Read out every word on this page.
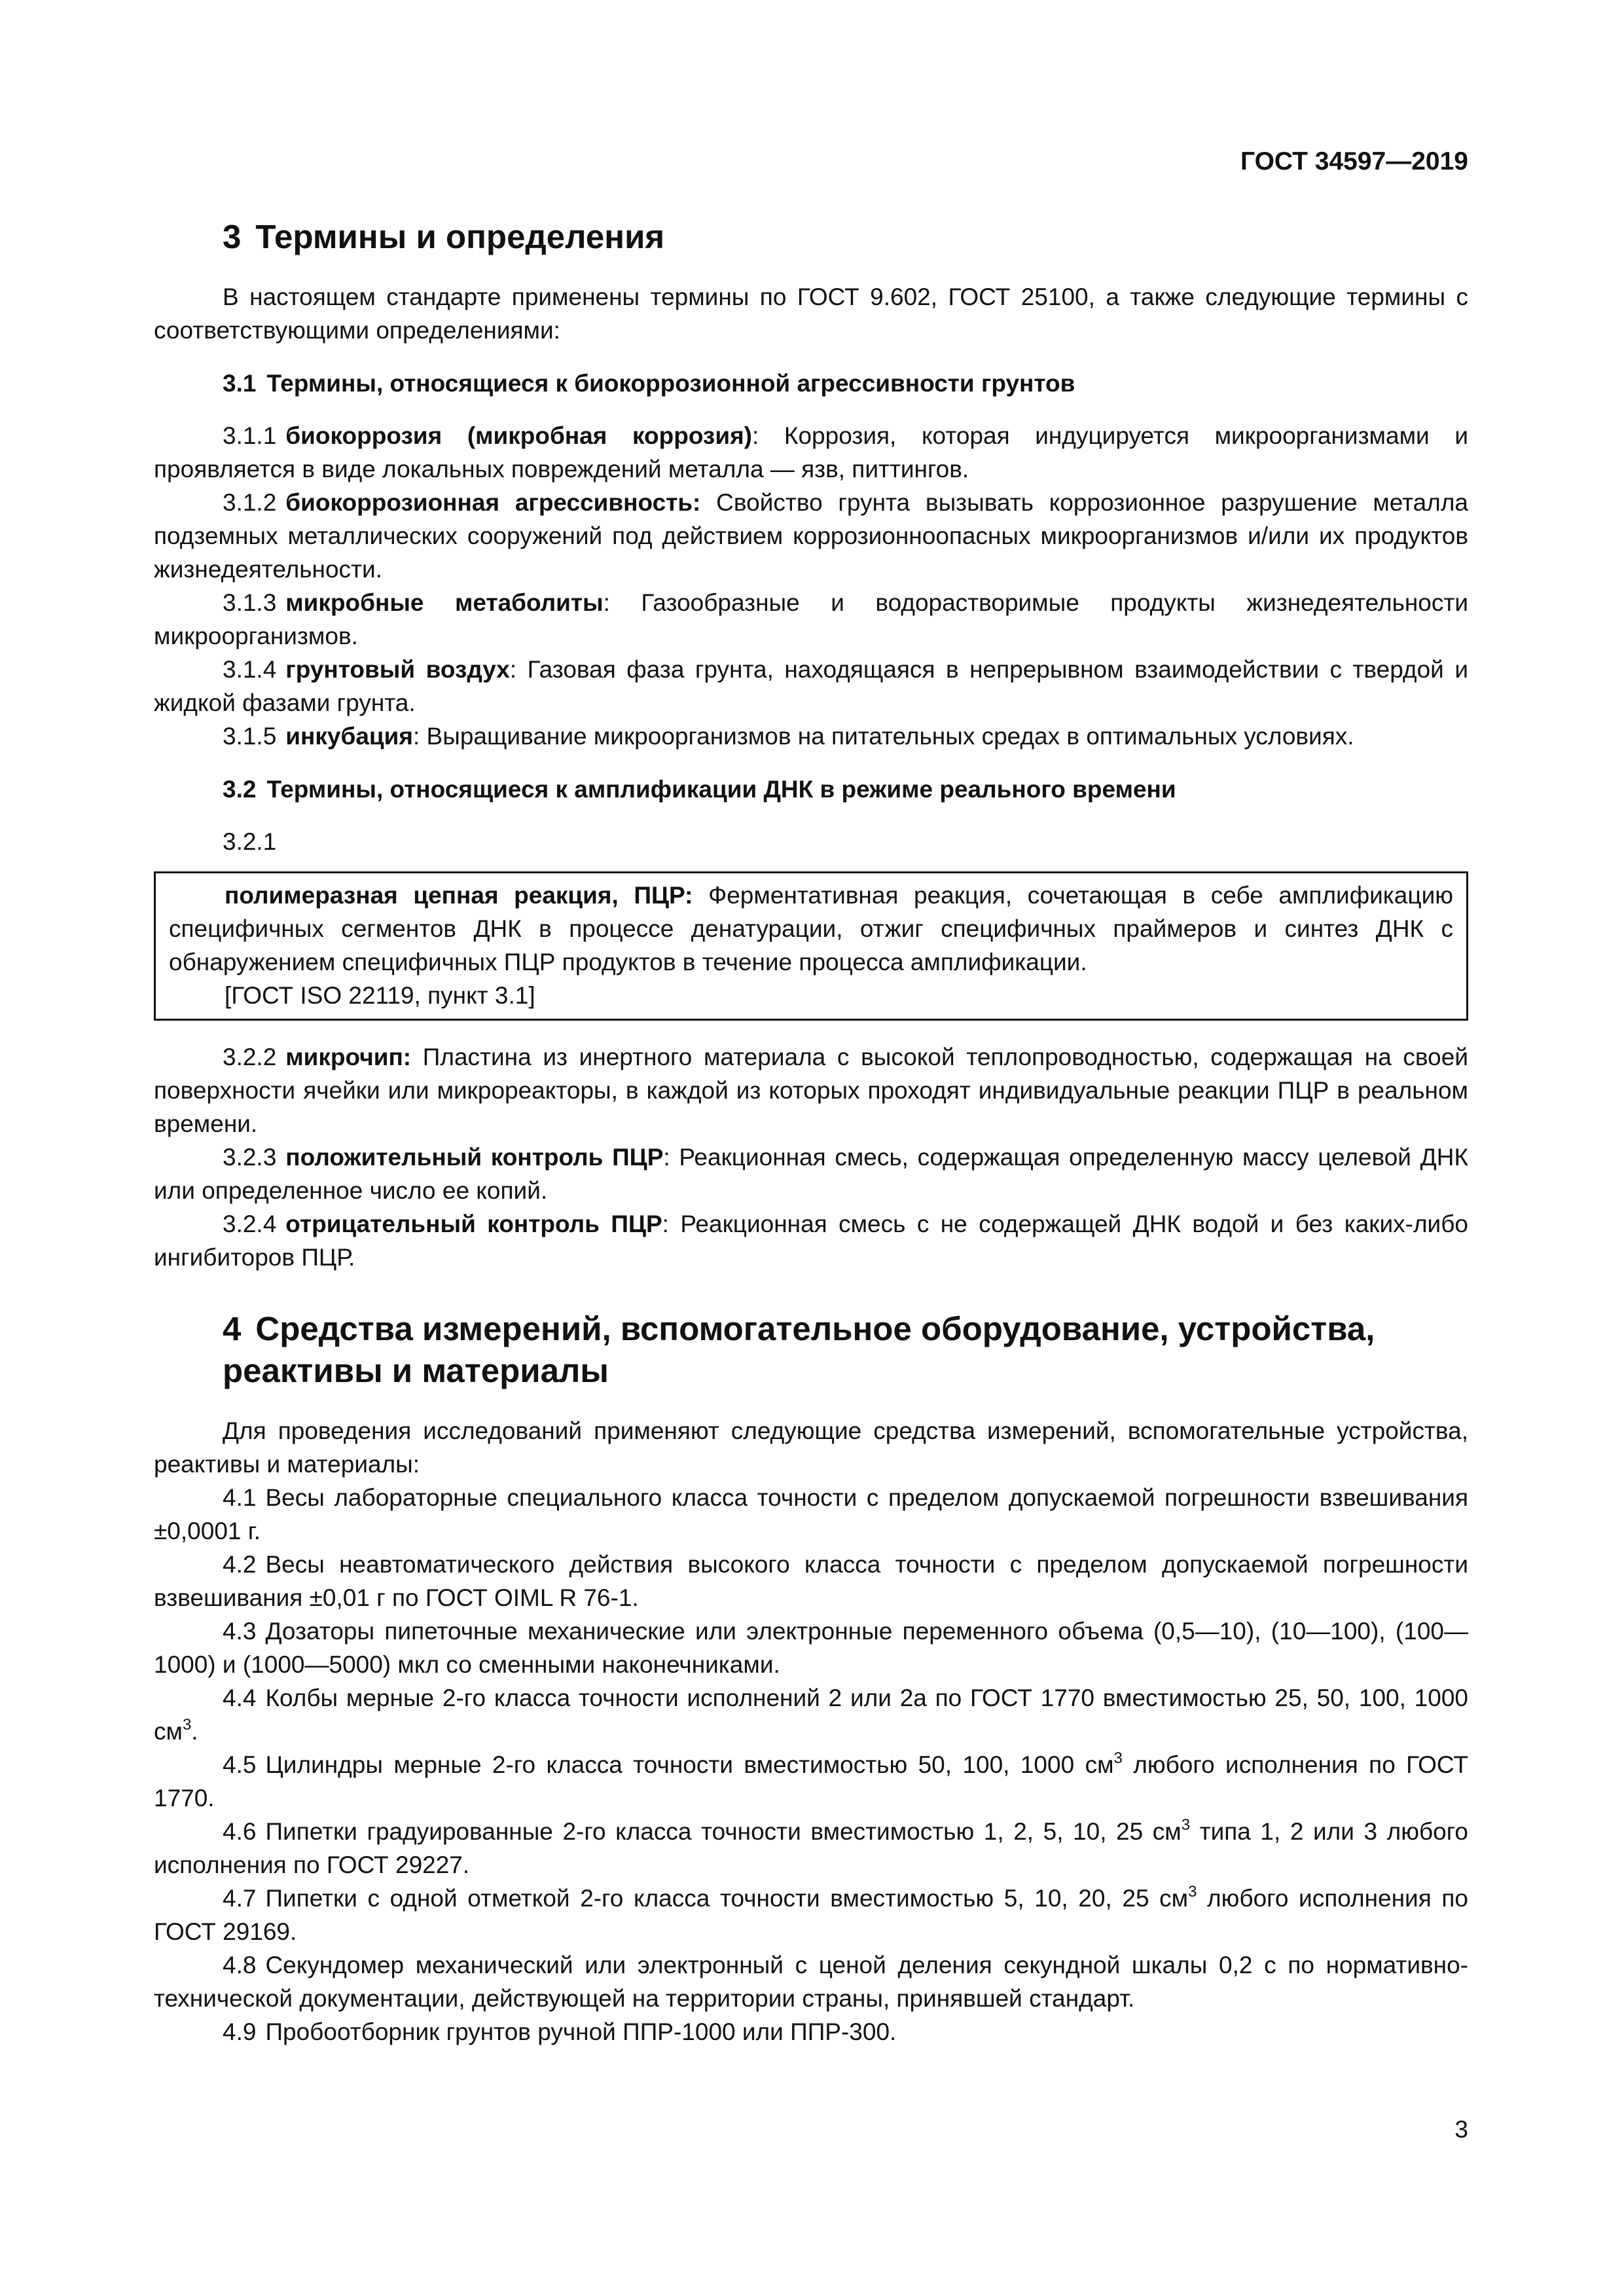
ГОСТ 34597—2019
3 Термины и определения

В настоящем стандарте применены термины по ГОСТ 9.602, ГОСТ 25100, а также следующие термины с соответствующими определениями:

3.1 Термины, относящиеся к биокоррозионной агрессивности грунтов

3.1.1 биокоррозия (микробная коррозия): Коррозия, которая индуцируется микроорганизмами и проявляется в виде локальных повреждений металла — язв, питтингов.

3.1.2 биокоррозионная агрессивность: Свойство грунта вызывать коррозионное разрушение металла подземных металлических сооружений под действием коррозионноопасных микроорганизмов и/или их продуктов жизнедеятельности.

3.1.3 микробные метаболиты: Газообразные и водорастворимые продукты жизнедеятельности микроорганизмов.

3.1.4 грунтовый воздух: Газовая фаза грунта, находящаяся в непрерывном взаимодействии с твердой и жидкой фазами грунта.

3.1.5 инкубация: Выращивание микроорганизмов на питательных средах в оптимальных условиях.

3.2 Термины, относящиеся к амплификации ДНК в режиме реального времени

3.2.1

полимеразная цепная реакция, ПЦР: Ферментативная реакция, сочетающая в себе амплификацию специфичных сегментов ДНК в процессе денатурации, отжиг специфичных праймеров и синтез ДНК с обнаружением специфичных ПЦР продуктов в течение процесса амплификации.

[ГОСТ ISO 22119, пункт 3.1]

3.2.2 микрочип: Пластина из инертного материала с высокой теплопроводностью, содержащая на своей поверхности ячейки или микрореакторы, в каждой из которых проходят индивидуальные реакции ПЦР в реальном времени.

3.2.3 положительный контроль ПЦР: Реакционная смесь, содержащая определенную массу целевой ДНК или определенное число ее копий.

3.2.4 отрицательный контроль ПЦР: Реакционная смесь с не содержащей ДНК водой и без каких-либо ингибиторов ПЦР.

4 Средства измерений, вспомогательное оборудование, устройства,
реактивы и материалы

Для проведения исследований применяют следующие средства измерений, вспомогательные устройства, реактивы и материалы:

4.1 Весы лабораторные специального класса точности с пределом допускаемой погрешности взвешивания ±0,0001 г.

4.2 Весы неавтоматического действия высокого класса точности с пределом допускаемой погрешности взвешивания ±0,01 г по ГОСТ OIML R 76-1.

4.3 Дозаторы пипеточные механические или электронные переменного объема (0,5—10), (10—100), (100—1000) и (1000—5000) мкл со сменными наконечниками.

4.4 Колбы мерные 2-го класса точности исполнений 2 или 2а по ГОСТ 1770 вместимостью 25, 50, 100, 1000 $см^3$.

4.5 Цилиндры мерные 2-го класса точности вместимостью 50, 100, 1000 $см^3$ любого исполнения по ГОСТ 1770.

4.6 Пипетки градуированные 2-го класса точности вместимостью 1, 2, 5, 10, 25 $см^3$ типа 1, 2 или 3 любого исполнения по ГОСТ 29227.

4.7 Пипетки с одной отметкой 2-го класса точности вместимостью 5, 10, 20, 25 $см^3$ любого исполнения по ГОСТ 29169.

4.8 Секундомер механический или электронный с ценой деления секундной шкалы 0,2 с по нормативно-технической документации, действующей на территории страны, принявшей стандарт.

4.9 Пробоотборник грунтов ручной ППР-1000 или ППР-300.

3
